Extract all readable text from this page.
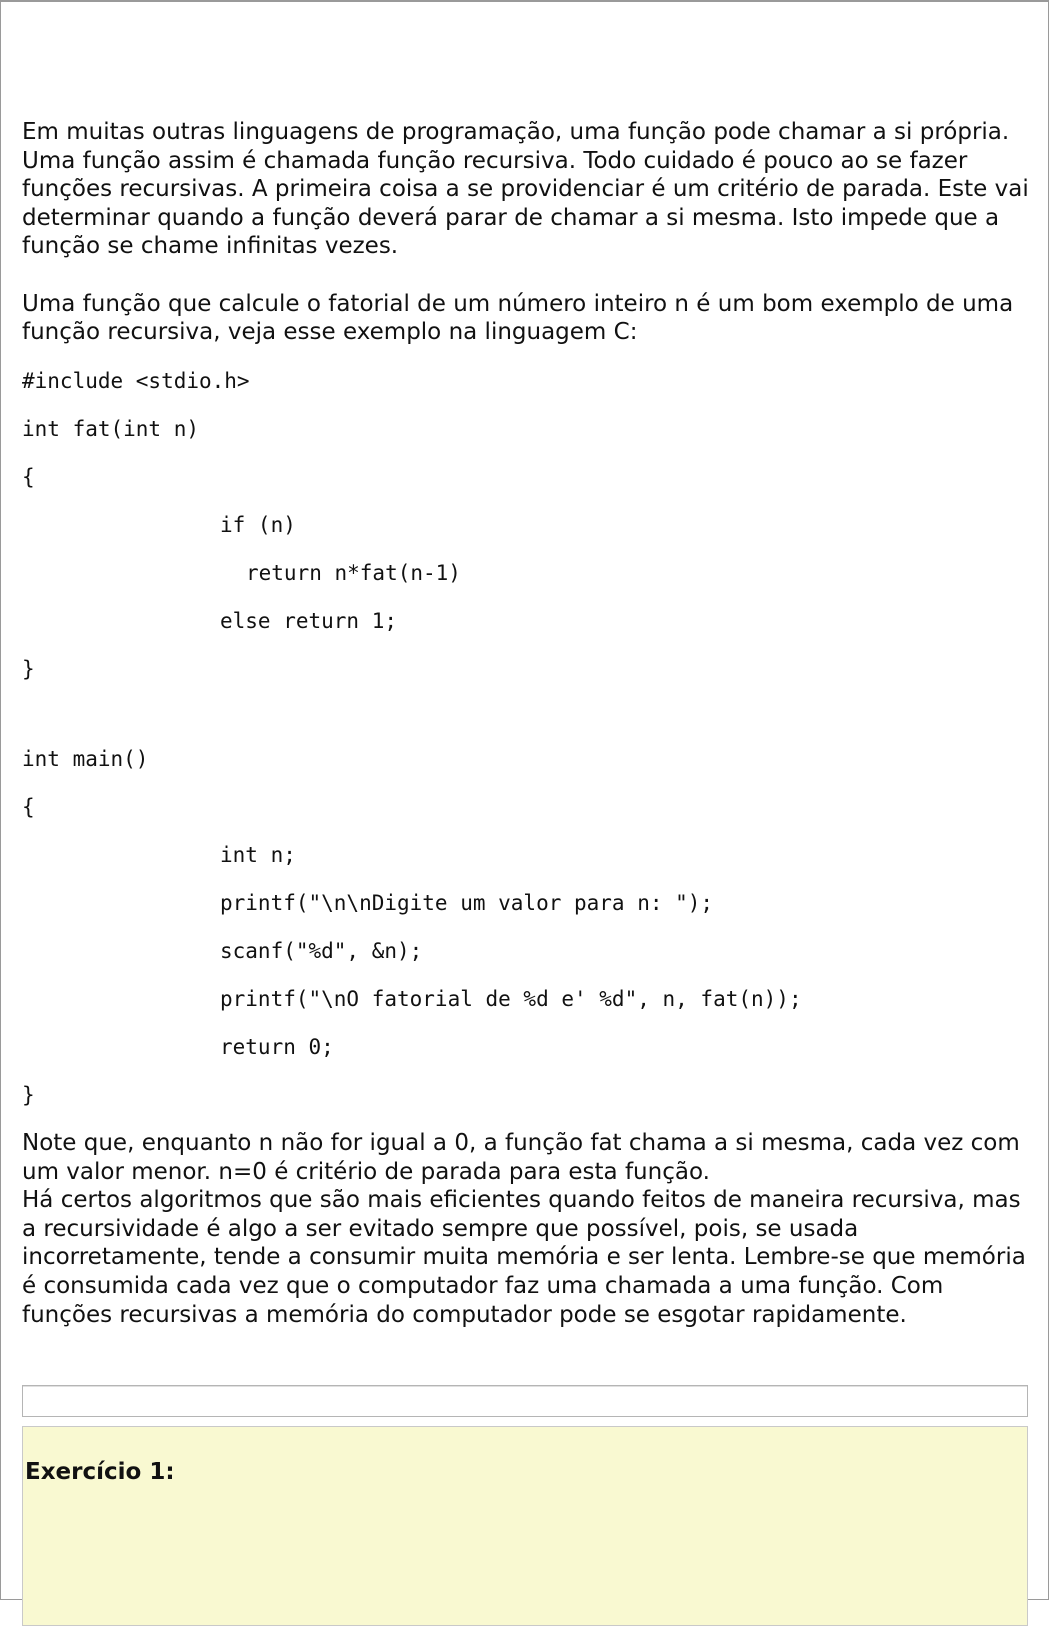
Em muitas outras linguagens de programação, uma função pode chamar a si própria. Uma função assim é chamada função recursiva. Todo cuidado é pouco ao se fazer funções recursivas. A primeira coisa a se providenciar é um critério de parada. Este vai determinar quando a função deverá parar de chamar a si mesma. Isto impede que a função se chame infinitas vezes.

Uma função que calcule o fatorial de um número inteiro n é um bom exemplo de uma função recursiva, veja esse exemplo na linguagem C:

#include <stdio.h>
int fat(int n)
{
if (n)
return n*fat(n-1)
else return 1;
}
int main()
{
int n;
printf("\n\nDigite um valor para n: ");
scanf("%d", &n);
printf("\nO fatorial de %d e' %d", n, fat(n));
return 0;
}

Note que, enquanto n não for igual a 0, a função fat chama a si mesma, cada vez com um valor menor. n=0 é critério de parada para esta função.

Há certos algoritmos que são mais eficientes quando feitos de maneira recursiva, mas a recursividade é algo a ser evitado sempre que possível, pois, se usada incorretamente, tende a consumir muita memória e ser lenta. Lembre-se que memória é consumida cada vez que o computador faz uma chamada a uma função. Com funções recursivas a memória do computador pode se esgotar rapidamente.

Exercício 1:
